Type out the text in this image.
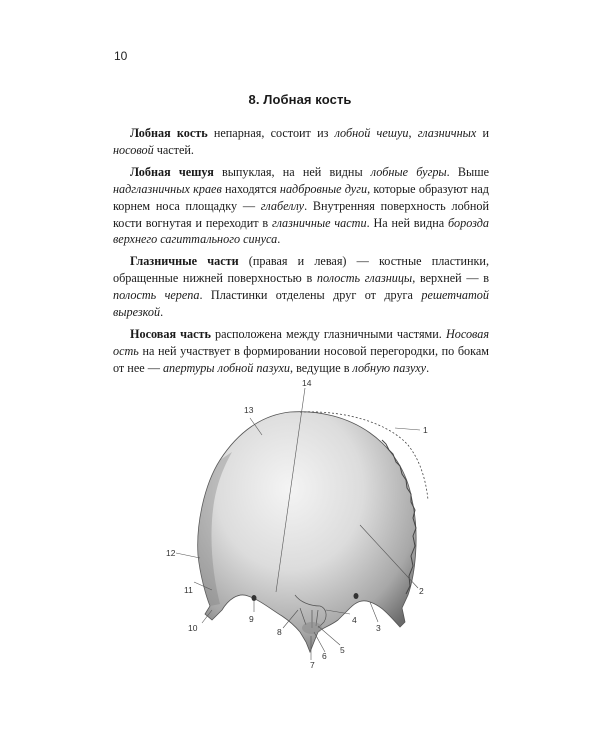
10
8. Лобная кость

Лобная кость непарная, состоит из лобной чешуи, глазничных и носовой частей.

Лобная чешуя выпуклая, на ней видны лобные бугры. Выше надглазничных краев находятся надбровные дуги, которые образуют над корнем носа площадку — глабеллу. Внутренняя поверхность лобной кости вогнутая и переходит в глазничные части. На ней видна борозда верхнего сагиттального синуса.

Глазничные части (правая и левая) — костные пластинки, обращенные нижней поверхностью в полость глазницы, верхней — в полость черепа. Пластинки отделены друг от друга решетчатой вырезкой.

Носовая часть расположена между глазничными частями. Носовая ость на ней участвует в формировании носовой перегородки, по бокам от нее — апертуры лобной пазухи, ведущие в лобную пазуху.

1
2
3
4
5
6
7
8
9
10
11
12
13
14
